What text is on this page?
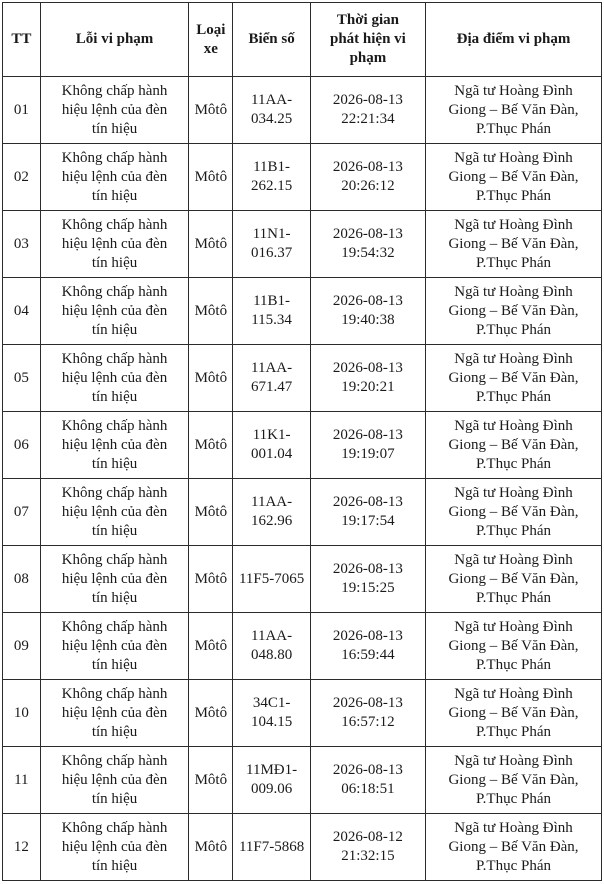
TT	Lỗi vi phạm	Loại
xe	Biển số	Thời gian
phát hiện vi
phạm	Địa điểm vi phạm
01	Không chấp hành
hiệu lệnh của đèn
tín hiệu	Môtô	11AA-
034.25	2026-08-13
22:21:34	Ngã tư Hoàng Đình
Giong – Bế Văn Đàn,
P.Thục Phán
02	Không chấp hành
hiệu lệnh của đèn
tín hiệu	Môtô	11B1-
262.15	2026-08-13
20:26:12	Ngã tư Hoàng Đình
Giong – Bế Văn Đàn,
P.Thục Phán
03	Không chấp hành
hiệu lệnh của đèn
tín hiệu	Môtô	11N1-
016.37	2026-08-13
19:54:32	Ngã tư Hoàng Đình
Giong – Bế Văn Đàn,
P.Thục Phán
04	Không chấp hành
hiệu lệnh của đèn
tín hiệu	Môtô	11B1-
115.34	2026-08-13
19:40:38	Ngã tư Hoàng Đình
Giong – Bế Văn Đàn,
P.Thục Phán
05	Không chấp hành
hiệu lệnh của đèn
tín hiệu	Môtô	11AA-
671.47	2026-08-13
19:20:21	Ngã tư Hoàng Đình
Giong – Bế Văn Đàn,
P.Thục Phán
06	Không chấp hành
hiệu lệnh của đèn
tín hiệu	Môtô	11K1-
001.04	2026-08-13
19:19:07	Ngã tư Hoàng Đình
Giong – Bế Văn Đàn,
P.Thục Phán
07	Không chấp hành
hiệu lệnh của đèn
tín hiệu	Môtô	11AA-
162.96	2026-08-13
19:17:54	Ngã tư Hoàng Đình
Giong – Bế Văn Đàn,
P.Thục Phán
08	Không chấp hành
hiệu lệnh của đèn
tín hiệu	Môtô	11F5-7065	2026-08-13
19:15:25	Ngã tư Hoàng Đình
Giong – Bế Văn Đàn,
P.Thục Phán
09	Không chấp hành
hiệu lệnh của đèn
tín hiệu	Môtô	11AA-
048.80	2026-08-13
16:59:44	Ngã tư Hoàng Đình
Giong – Bế Văn Đàn,
P.Thục Phán
10	Không chấp hành
hiệu lệnh của đèn
tín hiệu	Môtô	34C1-
104.15	2026-08-13
16:57:12	Ngã tư Hoàng Đình
Giong – Bế Văn Đàn,
P.Thục Phán
11	Không chấp hành
hiệu lệnh của đèn
tín hiệu	Môtô	11MĐ1-
009.06	2026-08-13
06:18:51	Ngã tư Hoàng Đình
Giong – Bế Văn Đàn,
P.Thục Phán
12	Không chấp hành
hiệu lệnh của đèn
tín hiệu	Môtô	11F7-5868	2026-08-12
21:32:15	Ngã tư Hoàng Đình
Giong – Bế Văn Đàn,
P.Thục Phán
